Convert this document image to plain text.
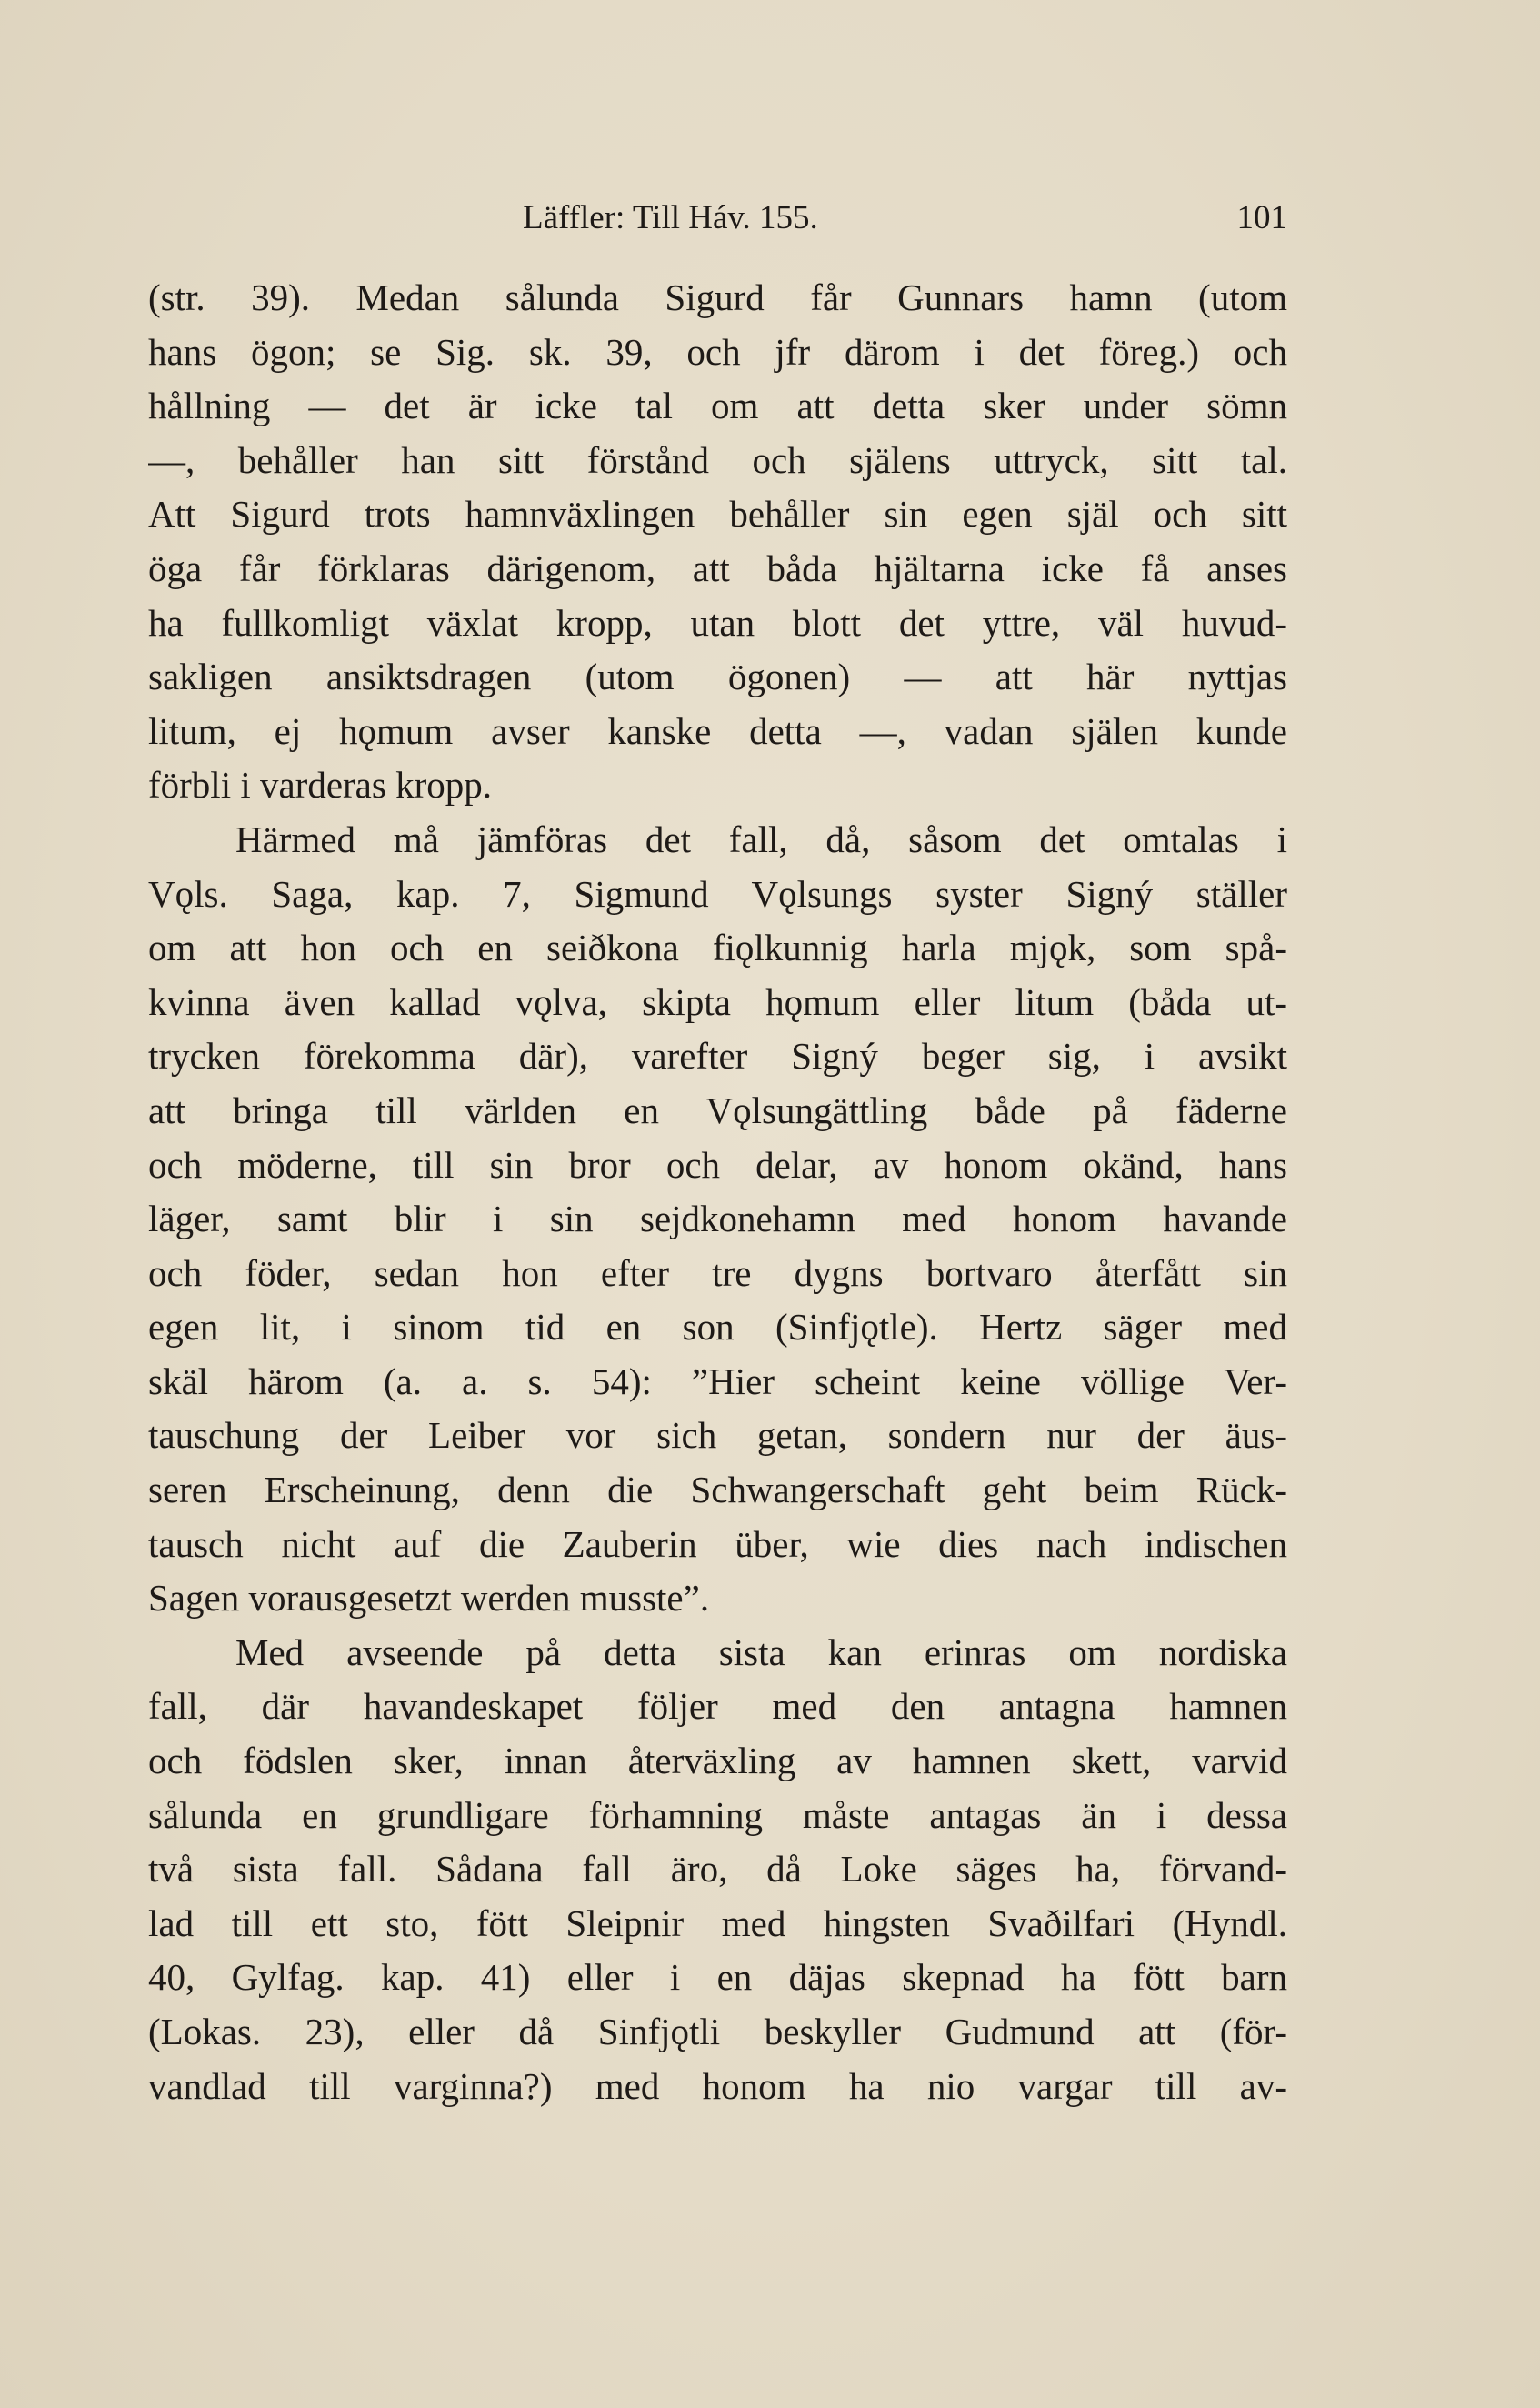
Läffler: Till Háv. 155.	101
(str. 39). Medan sålunda Sigurd får Gunnars hamn (utom
hans ögon; se Sig. sk. 39, och jfr därom i det föreg.) och
hållning — det är icke tal om att detta sker under sömn
—, behåller han sitt förstånd och själens uttryck, sitt tal.
Att Sigurd trots hamnväxlingen behåller sin egen själ och sitt
öga får förklaras därigenom, att båda hjältarna icke få anses
ha fullkomligt växlat kropp, utan blott det yttre, väl huvud-
sakligen ansiktsdragen (utom ögonen) — att här nyttjas
litum, ej hǫmum avser kanske detta —, vadan själen kunde
förbli i varderas kropp.
Härmed må jämföras det fall, då, såsom det omtalas i
Vǫls. Saga, kap. 7, Sigmund Vǫlsungs syster Signý ställer
om att hon och en seiðkona fiǫlkunnig harla mjǫk, som spå-
kvinna även kallad vǫlva, skipta hǫmum eller litum (båda ut-
trycken förekomma där), varefter Signý beger sig, i avsikt
att bringa till världen en Vǫlsungättling både på fäderne
och möderne, till sin bror och delar, av honom okänd, hans
läger, samt blir i sin sejdkonehamn med honom havande
och föder, sedan hon efter tre dygns bortvaro återfått sin
egen lit, i sinom tid en son (Sinfjǫtle). Hertz säger med
skäl härom (a. a. s. 54): ”Hier scheint keine völlige Ver-
tauschung der Leiber vor sich getan, sondern nur der äus-
seren Erscheinung, denn die Schwangerschaft geht beim Rück-
tausch nicht auf die Zauberin über, wie dies nach indischen
Sagen vorausgesetzt werden musste”.
Med avseende på detta sista kan erinras om nordiska
fall, där havandeskapet följer med den antagna hamnen
och födslen sker, innan återväxling av hamnen skett, varvid
sålunda en grundligare förhamning måste antagas än i dessa
två sista fall. Sådana fall äro, då Loke säges ha, förvand-
lad till ett sto, fött Sleipnir med hingsten Svaðilfari (Hyndl.
40, Gylfag. kap. 41) eller i en däjas skepnad ha fött barn
(Lokas. 23), eller då Sinfjǫtli beskyller Gudmund att (för-
vandlad till varginna?) med honom ha nio vargar till av-
